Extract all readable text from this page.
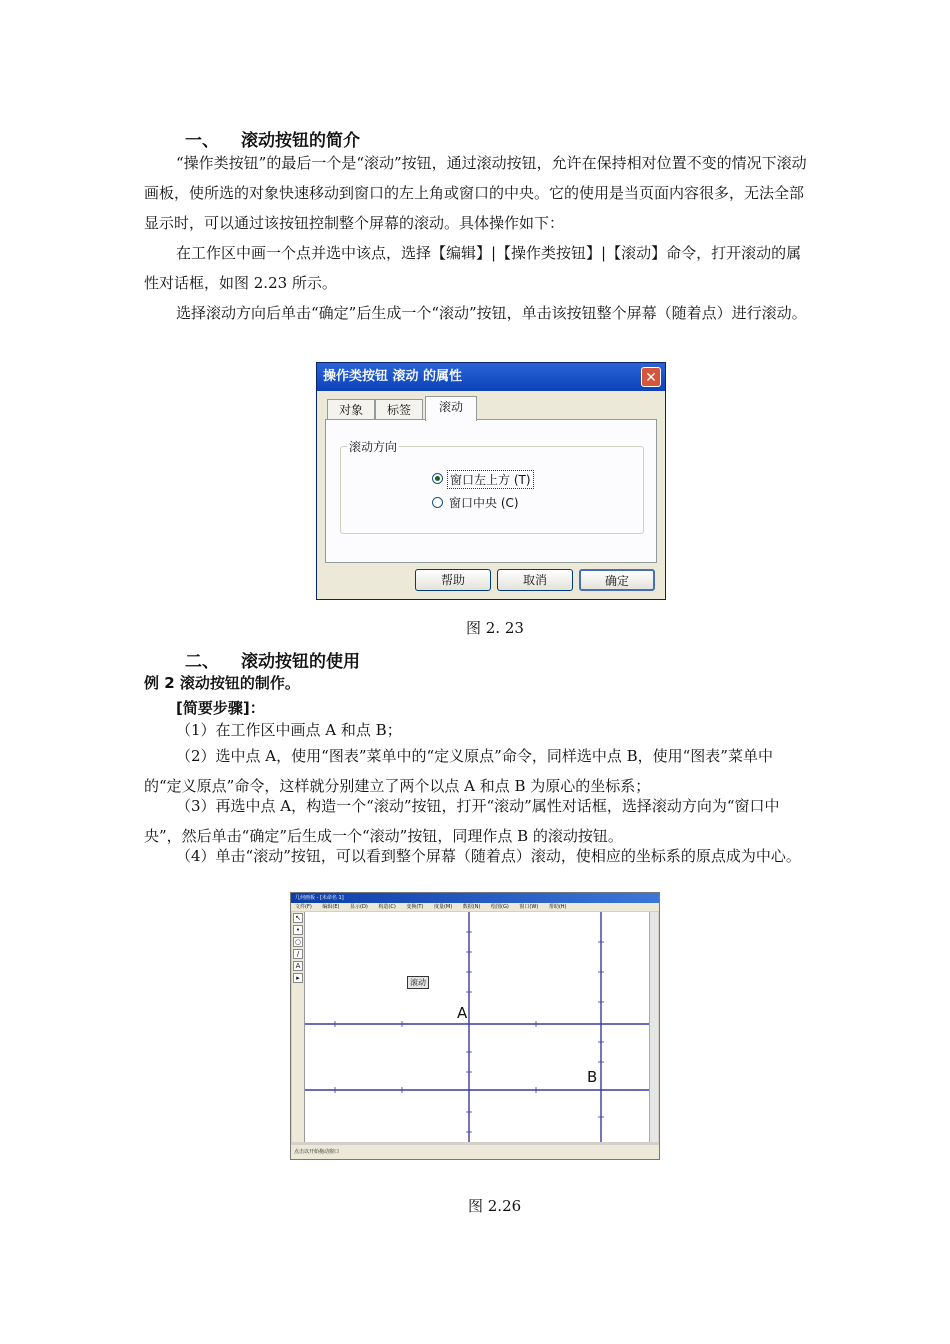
一、 滚动按钮的简介
“操作类按钮”的最后一个是“滚动”按钮，通过滚动按钮，允许在保持相对位置不变的情况下滚动画板，使所选的对象快速移动到窗口的左上角或窗口的中央。它的使用是当页面内容很多，无法全部显示时，可以通过该按钮控制整个屏幕的滚动。具体操作如下：
在工作区中画一个点并选中该点，选择【编辑】|【操作类按钮】|【滚动】命令，打开滚动的属性对话框，如图 2.23 所示。
选择滚动方向后单击“确定”后生成一个“滚动”按钮，单击该按钮整个屏幕（随着点）进行滚动。
操作类按钮 滚动 的属性	✕
对象	标签	滚动
滚动方向
窗口左上方 (T)
窗口中央 (C)
帮助	取消	确定
图 2. 23
二、 滚动按钮的使用
例 2 滚动按钮的制作。
[简要步骤]：
（1）在工作区中画点 A 和点 B；
（2）选中点 A，使用“图表”菜单中的“定义原点”命令，同样选中点 B，使用“图表”菜单中的“定义原点”命令，这样就分别建立了两个以点 A 和点 B 为原心的坐标系；
（3）再选中点 A，构造一个“滚动”按钮，打开“滚动”属性对话框，选择滚动方向为“窗口中央”，然后单击“确定”后生成一个“滚动”按钮，同理作点 B 的滚动按钮。
（4）单击“滚动”按钮，可以看到整个屏幕（随着点）滚动，使相应的坐标系的原点成为中心。
几何画板 - [未命名 1]
文件(F) 编辑(E) 显示(D) 构造(C) 变换(T) 度量(M) 数据(N) 绘图(G) 窗口(W) 帮助(H)
↖
•
○
/
A
▸	滚动
A
B
点击以开始拖动窗口
图 2.26
